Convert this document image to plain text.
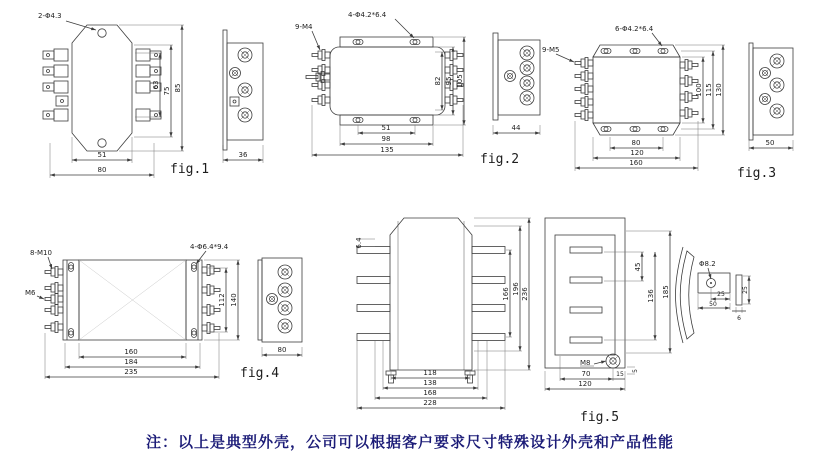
2-Φ4.3
51
80
63
75 85
36
fig.1
9-M4
4-Φ4.2*6.4
51
98
135
82 95 105
44
fig.2
6-Φ4.2*6.4
9-M5
80
120
160
100 115 130
50
fig.3
8-M10
M6
4-Φ6.4*9.4
160
184
235
112 140
80
fig.4
6.4
166 196 236
118
138
168
228
M8
70	15
120
5
45
136 185
Φ8.2
25
50
25
6
fig.5
注：以上是典型外壳，公司可以根据客户要求尺寸特殊设计外壳和产品性能
